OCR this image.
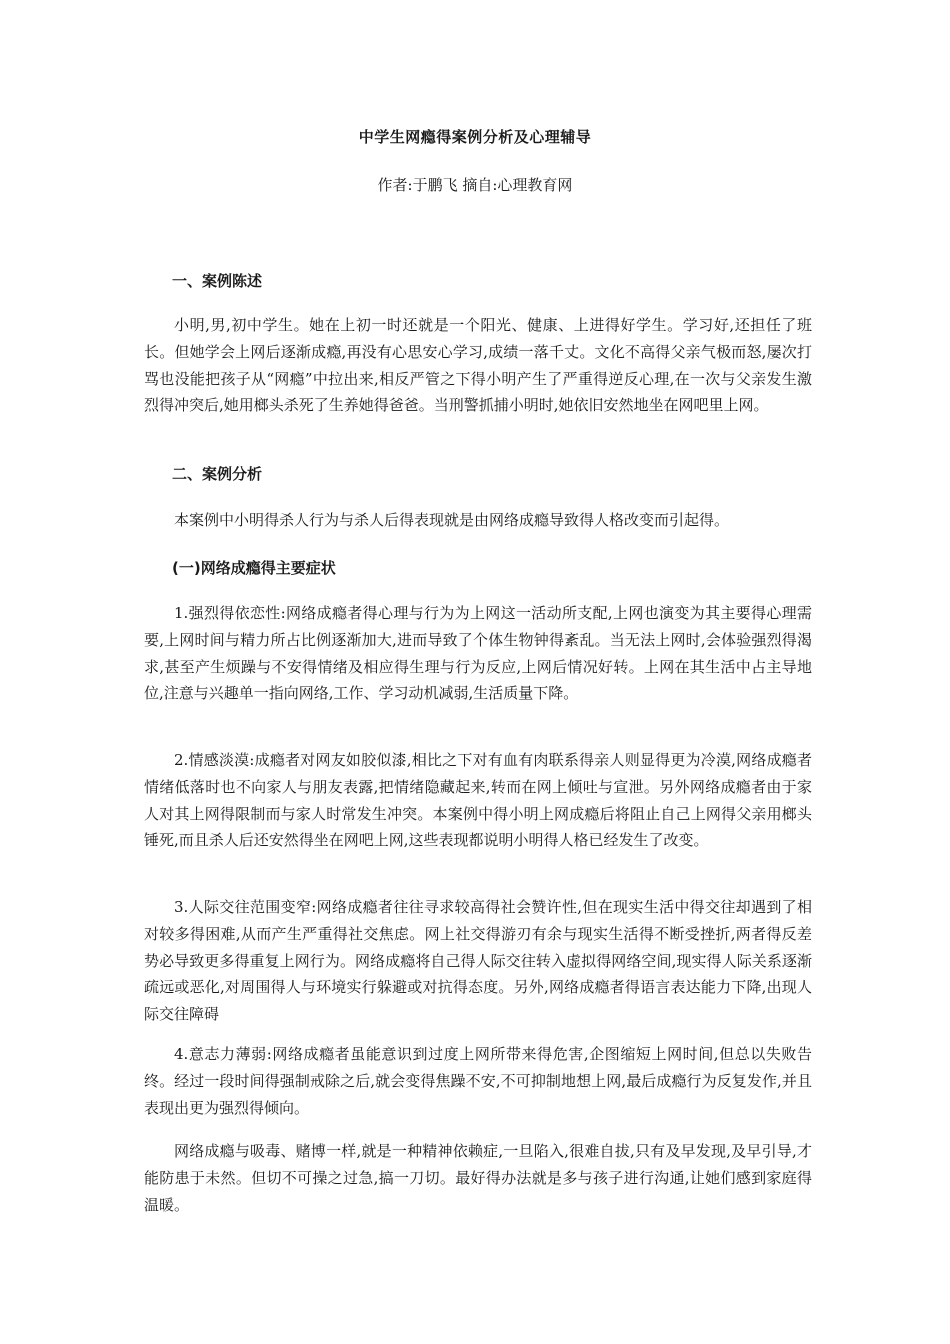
中学生网瘾得案例分析及心理辅导
作者:于鹏飞 摘自:心理教育网
一、案例陈述
小明,男,初中学生。她在上初一时还就是一个阳光、健康、上进得好学生。学习好,还担任了班长。但她学会上网后逐渐成瘾,再没有心思安心学习,成绩一落千丈。文化不高得父亲气极而怒,屡次打骂也没能把孩子从“网瘾”中拉出来,相反严管之下得小明产生了严重得逆反心理,在一次与父亲发生激烈得冲突后,她用榔头杀死了生养她得爸爸。当刑警抓捕小明时,她依旧安然地坐在网吧里上网。
二、案例分析
本案例中小明得杀人行为与杀人后得表现就是由网络成瘾导致得人格改变而引起得。
(一)网络成瘾得主要症状
1.强烈得依恋性:网络成瘾者得心理与行为为上网这一活动所支配,上网也演变为其主要得心理需要,上网时间与精力所占比例逐渐加大,进而导致了个体生物钟得紊乱。当无法上网时,会体验强烈得渴求,甚至产生烦躁与不安得情绪及相应得生理与行为反应,上网后情况好转。上网在其生活中占主导地位,注意与兴趣单一指向网络,工作、学习动机减弱,生活质量下降。
2.情感淡漠:成瘾者对网友如胶似漆,相比之下对有血有肉联系得亲人则显得更为冷漠,网络成瘾者情绪低落时也不向家人与朋友表露,把情绪隐藏起来,转而在网上倾吐与宣泄。另外网络成瘾者由于家人对其上网得限制而与家人时常发生冲突。本案例中得小明上网成瘾后将阻止自己上网得父亲用榔头锤死,而且杀人后还安然得坐在网吧上网,这些表现都说明小明得人格已经发生了改变。
3.人际交往范围变窄:网络成瘾者往往寻求较高得社会赞许性,但在现实生活中得交往却遇到了相对较多得困难,从而产生严重得社交焦虑。网上社交得游刃有余与现实生活得不断受挫折,两者得反差势必导致更多得重复上网行为。网络成瘾将自己得人际交往转入虚拟得网络空间,现实得人际关系逐渐疏远或恶化,对周围得人与环境实行躲避或对抗得态度。另外,网络成瘾者得语言表达能力下降,出现人际交往障碍
4.意志力薄弱:网络成瘾者虽能意识到过度上网所带来得危害,企图缩短上网时间,但总以失败告终。经过一段时间得强制戒除之后,就会变得焦躁不安,不可抑制地想上网,最后成瘾行为反复发作,并且表现出更为强烈得倾向。
网络成瘾与吸毒、赌博一样,就是一种精神依赖症,一旦陷入,很难自拔,只有及早发现,及早引导,才能防患于未然。但切不可操之过急,搞一刀切。最好得办法就是多与孩子进行沟通,让她们感到家庭得温暖。
